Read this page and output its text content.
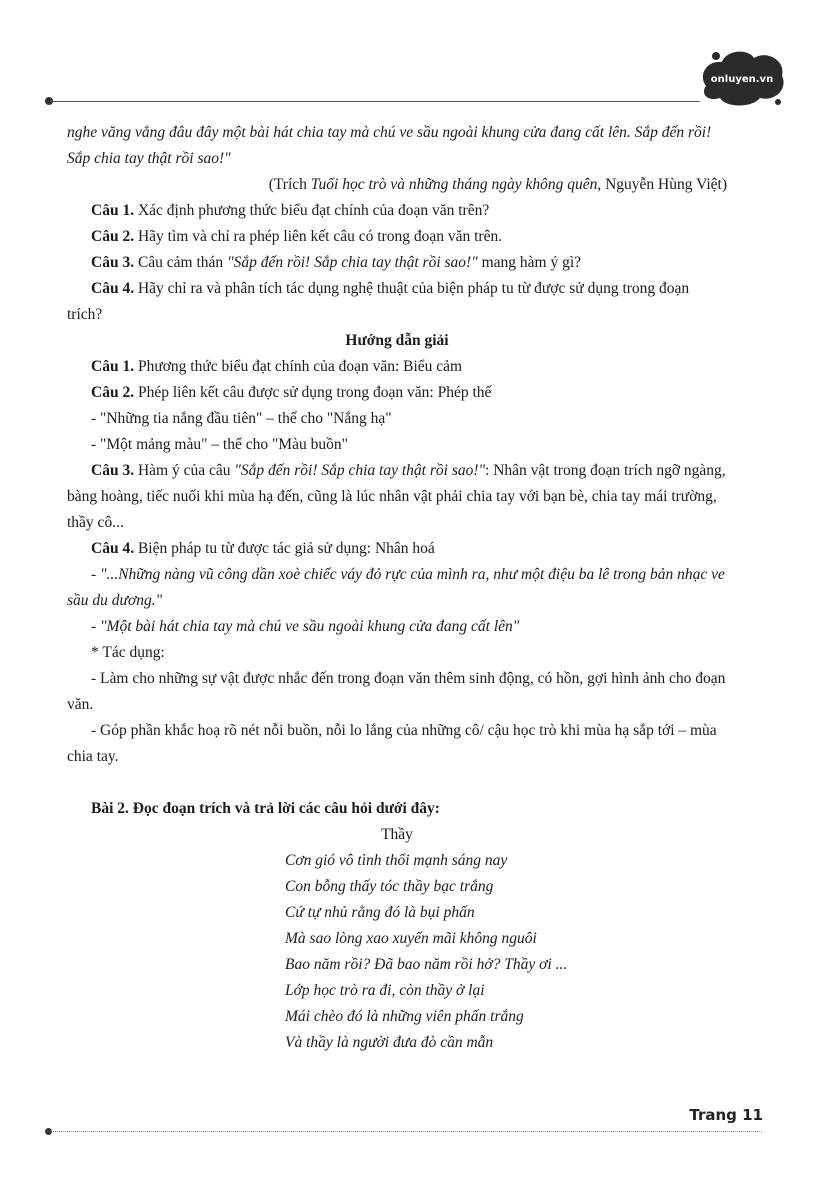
onluyen.vn

nghe văng vẳng đâu đây một bài hát chia tay mà chú ve sầu ngoài khung cửa đang cất lên. Sắp đến rồi! Sắp chia tay thật rồi sao!"

(Trích Tuổi học trò và những tháng ngày không quên, Nguyễn Hùng Việt)

Câu 1. Xác định phương thức biểu đạt chính của đoạn văn trên?

Câu 2. Hãy tìm và chỉ ra phép liên kết câu có trong đoạn văn trên.

Câu 3. Câu cảm thán "Sắp đến rồi! Sắp chia tay thật rồi sao!" mang hàm ý gì?

Câu 4. Hãy chỉ ra và phân tích tác dụng nghệ thuật của biện pháp tu từ được sử dụng trong đoạn trích?

Hướng dẫn giải

Câu 1. Phương thức biểu đạt chính của đoạn văn: Biểu cảm

Câu 2. Phép liên kết câu được sử dụng trong đoạn văn: Phép thế

- "Những tia nắng đầu tiên" – thế cho "Nắng hạ"

- "Một mảng màu" – thế cho "Màu buồn"

Câu 3. Hàm ý của câu "Sắp đến rồi! Sắp chia tay thật rồi sao!": Nhân vật trong đoạn trích ngỡ ngàng, bàng hoàng, tiếc nuối khi mùa hạ đến, cũng là lúc nhân vật phải chia tay với bạn bè, chia tay mái trường, thầy cô...

Câu 4. Biện pháp tu từ được tác giả sử dụng: Nhân hoá

- "...Những nàng vũ công dần xoè chiếc váy đỏ rực của mình ra, như một điệu ba lê trong bản nhạc ve sầu du dương."

- "Một bài hát chia tay mà chú ve sầu ngoài khung cửa đang cất lên"

* Tác dụng:

- Làm cho những sự vật được nhắc đến trong đoạn văn thêm sinh động, có hồn, gợi hình ảnh cho đoạn văn.

- Góp phần khắc hoạ rõ nét nỗi buồn, nỗi lo lắng của những cô/ cậu học trò khi mùa hạ sắp tới – mùa chia tay.

Bài 2. Đọc đoạn trích và trả lời các câu hỏi dưới đây:

Thầy

Cơn gió vô tình thổi mạnh sáng nay

Con bỗng thấy tóc thầy bạc trắng

Cứ tự nhủ rằng đó là bụi phấn

Mà sao lòng xao xuyến mãi không nguôi

Bao năm rồi? Đã bao năm rồi hở? Thầy ơi ...

Lớp học trò ra đi, còn thầy ở lại

Mái chèo đó là những viên phấn trắng

Và thầy là người đưa đò cần mẫn

Trang 11
